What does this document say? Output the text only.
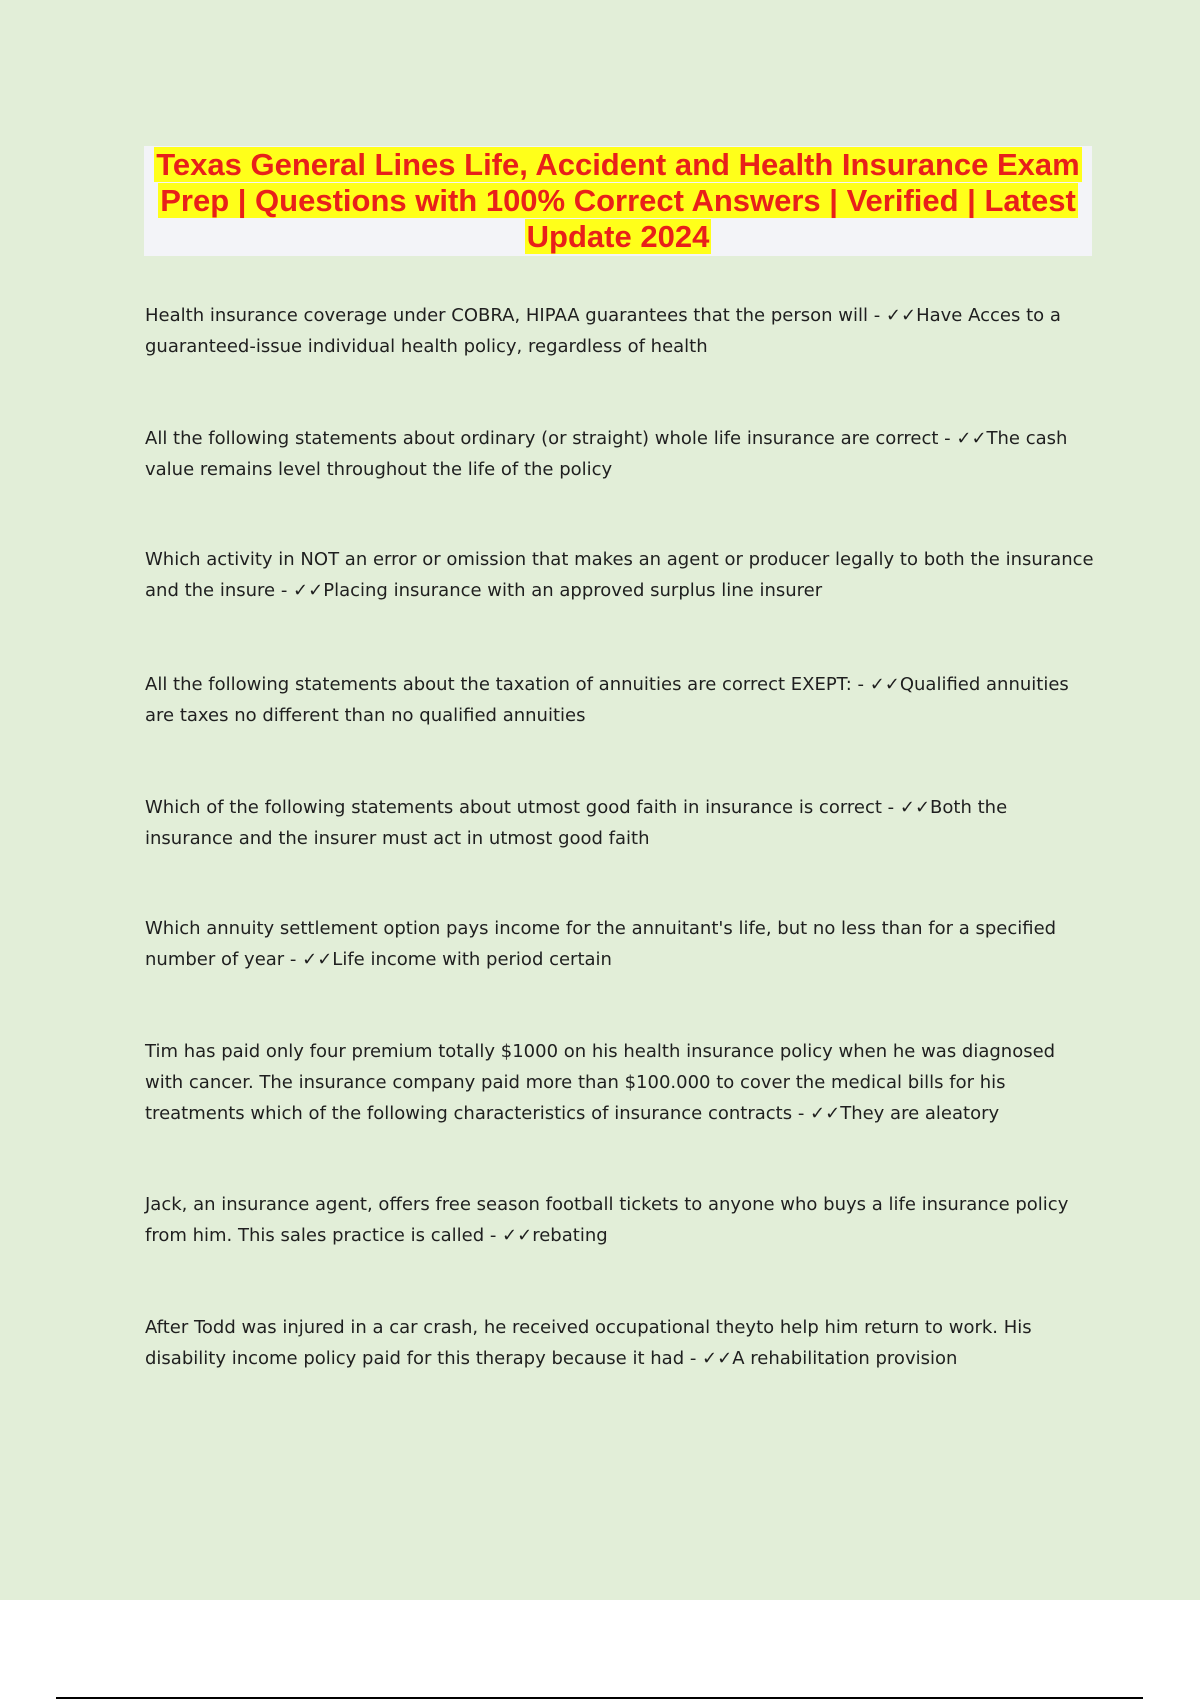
Texas General Lines Life, Accident and Health Insurance Exam Prep | Questions with 100% Correct Answers | Verified | Latest Update 2024
Health insurance coverage under COBRA, HIPAA guarantees that the person will - ✓✓Have Acces to a guaranteed-issue individual health policy, regardless of health
All the following statements about ordinary (or straight) whole life insurance are correct - ✓✓The cash value remains level throughout the life of the policy
Which activity in NOT an error or omission that makes an agent or producer legally to both the insurance and the insure - ✓✓Placing insurance with an approved surplus line insurer
All the following statements about the taxation of annuities are correct EXEPT: - ✓✓Qualified annuities are taxes no different than no qualified annuities
Which of the following statements about utmost good faith in insurance is correct - ✓✓Both the insurance and the insurer must act in utmost good faith
Which annuity settlement option pays income for the annuitant's life, but no less than for a specified number of year - ✓✓Life income with period certain
Tim has paid only four premium totally $1000 on his health insurance policy when he was diagnosed with cancer. The insurance company paid more than $100.000 to cover the medical bills for his treatments which of the following characteristics of insurance contracts - ✓✓They are aleatory
Jack, an insurance agent, offers free season football tickets to anyone who buys a life insurance policy from him. This sales practice is called - ✓✓rebating
After Todd was injured in a car crash, he received occupational theyto help him return to work. His disability income policy paid for this therapy because it had - ✓✓A rehabilitation provision
